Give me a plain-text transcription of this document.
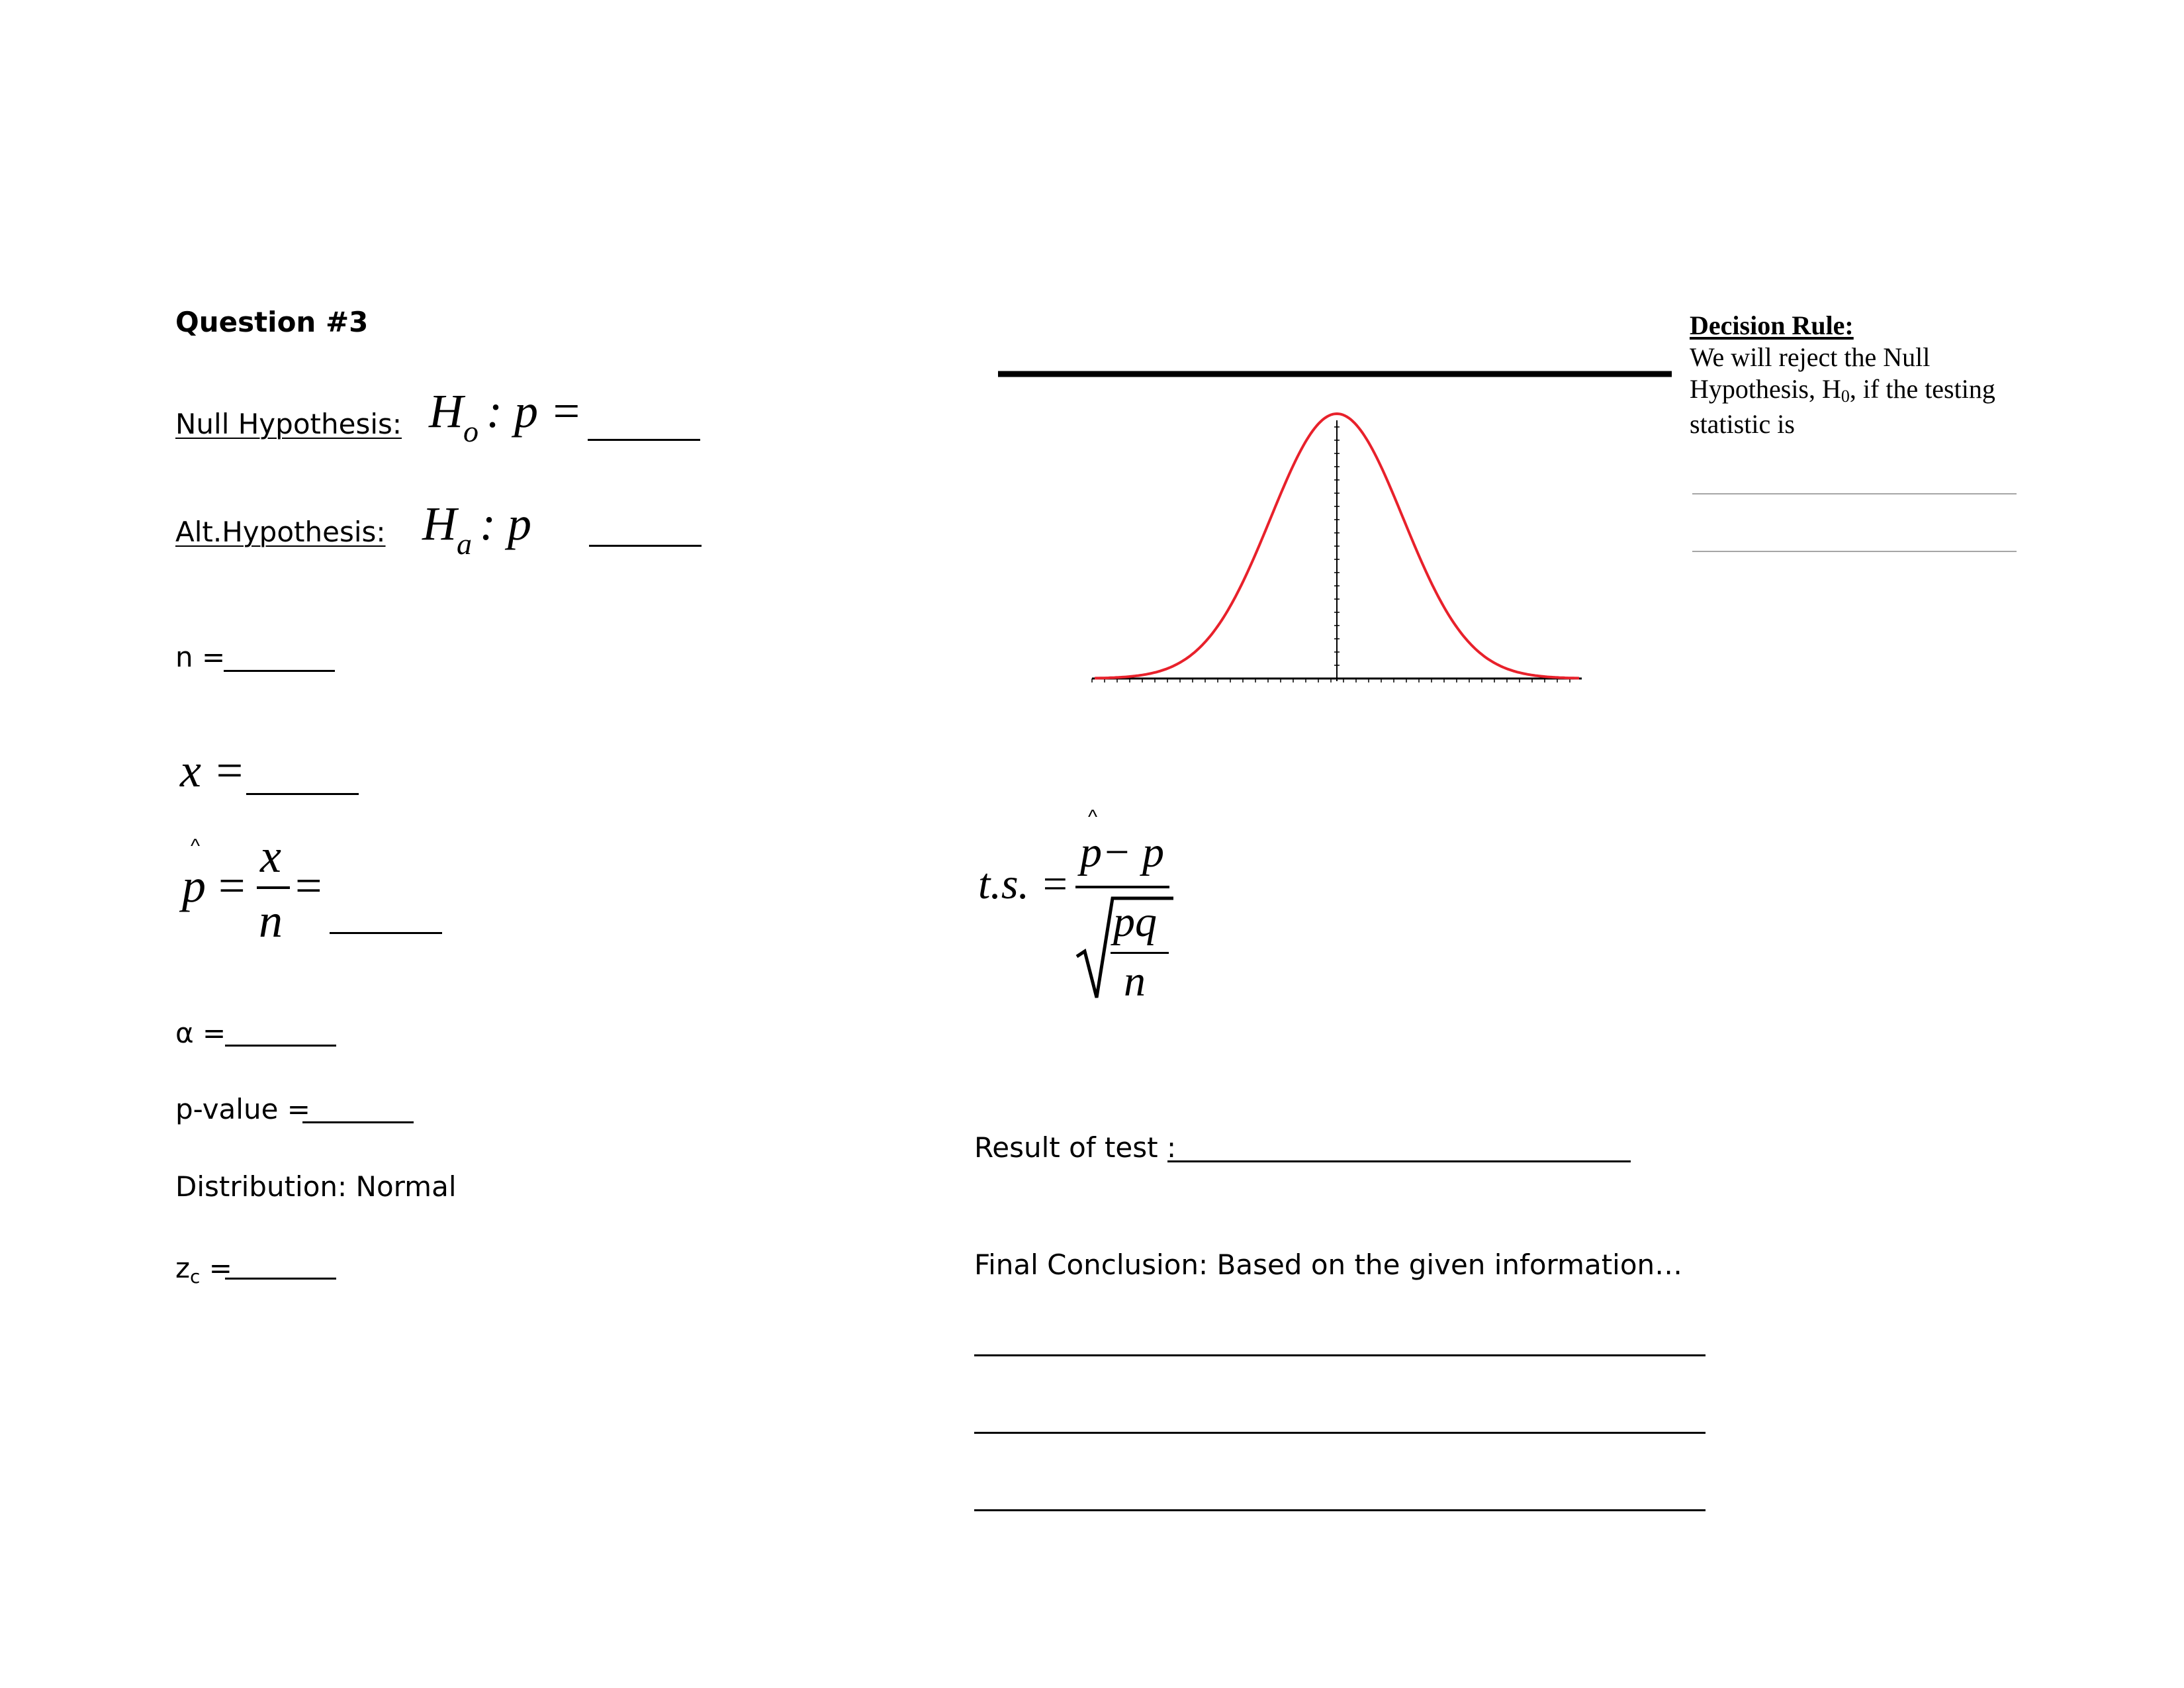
Question #3
Null Hypothesis: $H_o$ : p =
Alt.Hypothesis: $H_a$ : p
n =
x =
^
p =
x
n
=
α =
p-value =
Distribution: Normal
zc =
^
t.s. =
p− p
pq
n
Result of test :
Final Conclusion: Based on the given information…
Decision Rule:
We will reject the Null
Hypothesis, H0, if the testing
statistic is
